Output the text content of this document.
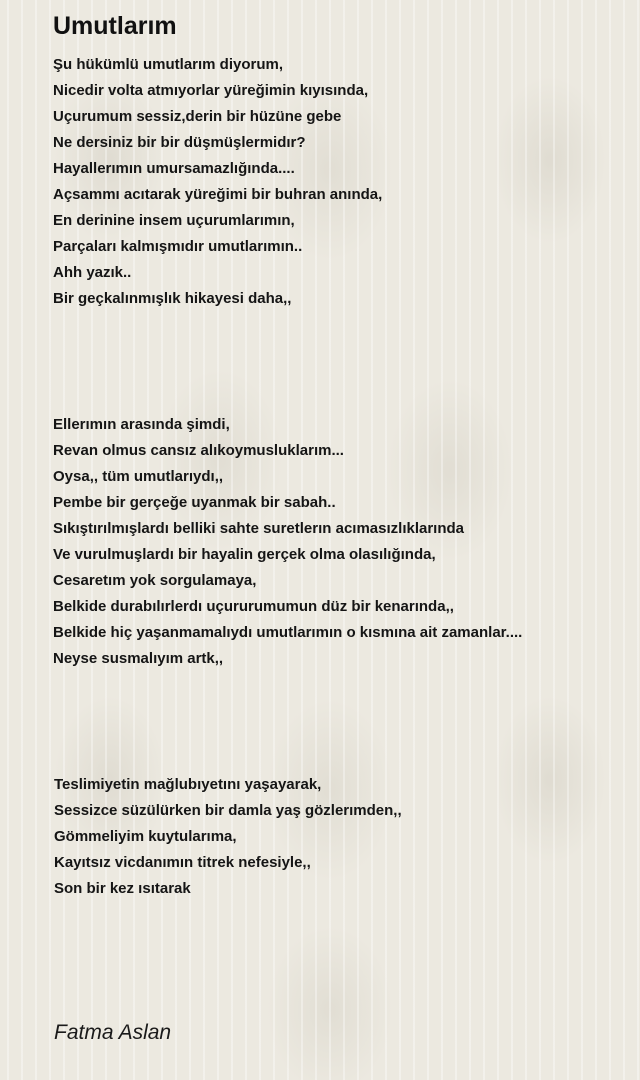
Umutlarım
Şu hükümlü umutlarım diyorum,
Nicedir volta atmıyorlar yüreğimin kıyısında,
Uçurumum sessiz,derin bir hüzüne gebe
Ne dersiniz bir bir düşmüşlermidır?
Hayallerımın umursamazlığında....
Açsammı acıtarak yüreğimi bir buhran anında,
En derinine insem uçurumlarımın,
Parçaları kalmışmıdır umutlarımın..
Ahh yazık..
Bir geçkalınmışlık hikayesi daha,,
Ellerımın arasında şimdi,
Revan olmus cansız alıkoymusluklarım...
Oysa,, tüm umutlarıydı,,
Pembe bir gerçeğe uyanmak bir sabah..
Sıkıştırılmışlardı belliki sahte suretlerın acımasızlıklarında
Ve vurulmuşlardı bir hayalin gerçek olma olasılığında,
Cesaretım yok sorgulamaya,
Belkide durabılırlerdı uçururumumun düz bir kenarında,,
Belkide hiç yaşanmamalıydı umutlarımın o kısmına ait zamanlar....
Neyse susmalıyım artk,,
Teslimiyetin mağlubıyetını yaşayarak,
Sessizce süzülürken bir damla yaş gözlerımden,,
Gömmeliyim kuytularıma,
Kayıtsız vicdanımın titrek nefesiyle,,
Son bir kez ısıtarak
Fatma Aslan
